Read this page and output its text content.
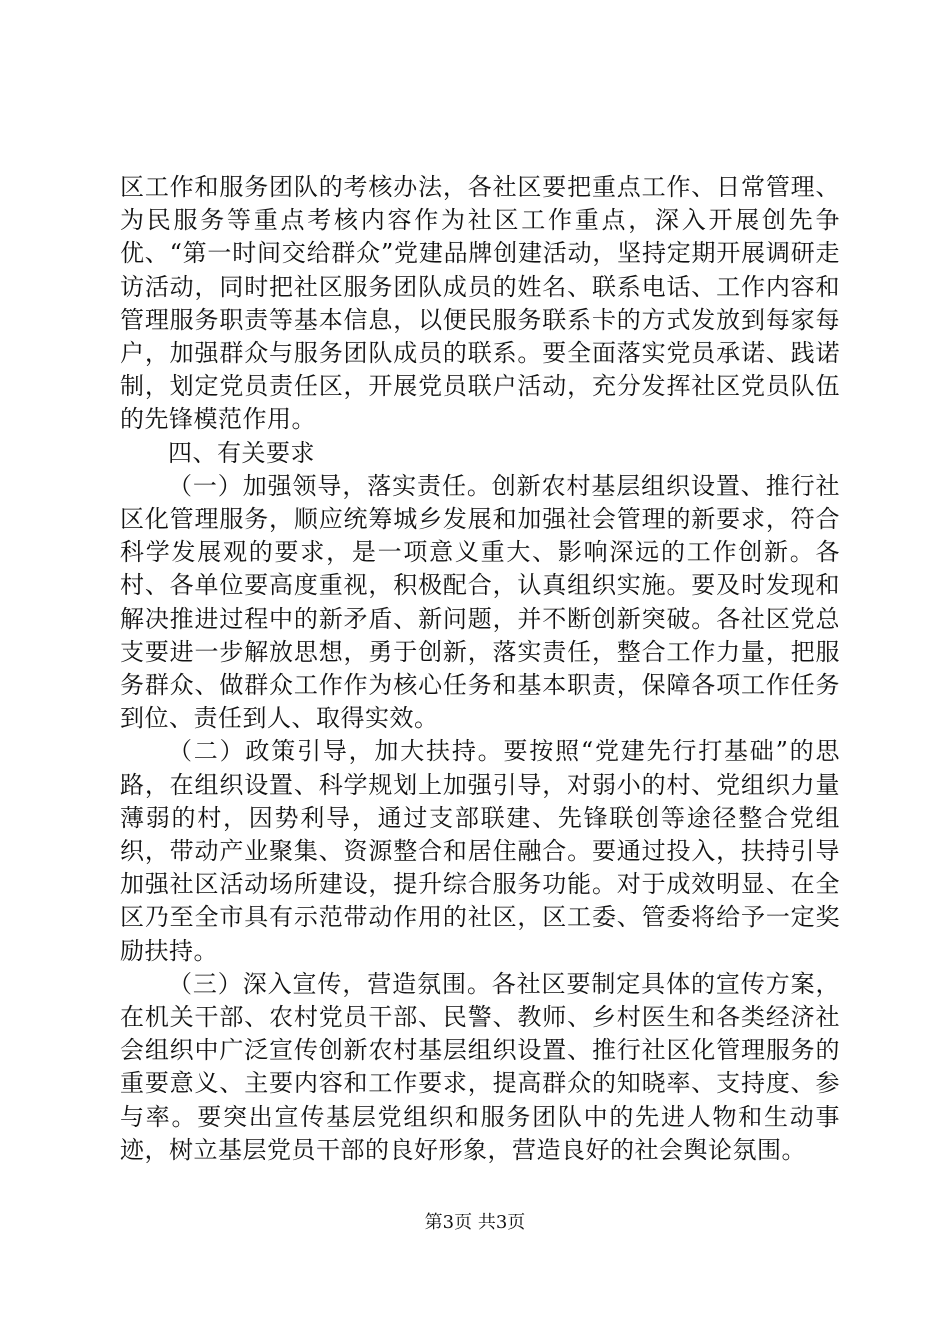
区工作和服务团队的考核办法，各社区要把重点工作、日常管理、为民服务等重点考核内容作为社区工作重点，深入开展创先争优、“第一时间交给群众”党建品牌创建活动，坚持定期开展调研走访活动，同时把社区服务团队成员的姓名、联系电话、工作内容和管理服务职责等基本信息，以便民服务联系卡的方式发放到每家每户，加强群众与服务团队成员的联系。要全面落实党员承诺、践诺制，划定党员责任区，开展党员联户活动，充分发挥社区党员队伍的先锋模范作用。

四、有关要求

（一）加强领导，落实责任。创新农村基层组织设置、推行社区化管理服务，顺应统筹城乡发展和加强社会管理的新要求，符合科学发展观的要求，是一项意义重大、影响深远的工作创新。各村、各单位要高度重视，积极配合，认真组织实施。要及时发现和解决推进过程中的新矛盾、新问题，并不断创新突破。各社区党总支要进一步解放思想，勇于创新，落实责任，整合工作力量，把服务群众、做群众工作作为核心任务和基本职责，保障各项工作任务到位、责任到人、取得实效。

（二）政策引导，加大扶持。要按照“党建先行打基础”的思路，在组织设置、科学规划上加强引导，对弱小的村、党组织力量薄弱的村，因势利导，通过支部联建、先锋联创等途径整合党组织，带动产业聚集、资源整合和居住融合。要通过投入，扶持引导加强社区活动场所建设，提升综合服务功能。对于成效明显、在全区乃至全市具有示范带动作用的社区，区工委、管委将给予一定奖励扶持。

（三）深入宣传，营造氛围。各社区要制定具体的宣传方案，在机关干部、农村党员干部、民警、教师、乡村医生和各类经济社会组织中广泛宣传创新农村基层组织设置、推行社区化管理服务的重要意义、主要内容和工作要求，提高群众的知晓率、支持度、参与率。要突出宣传基层党组织和服务团队中的先进人物和生动事迹，树立基层党员干部的良好形象，营造良好的社会舆论氛围。

第3页 共3页
